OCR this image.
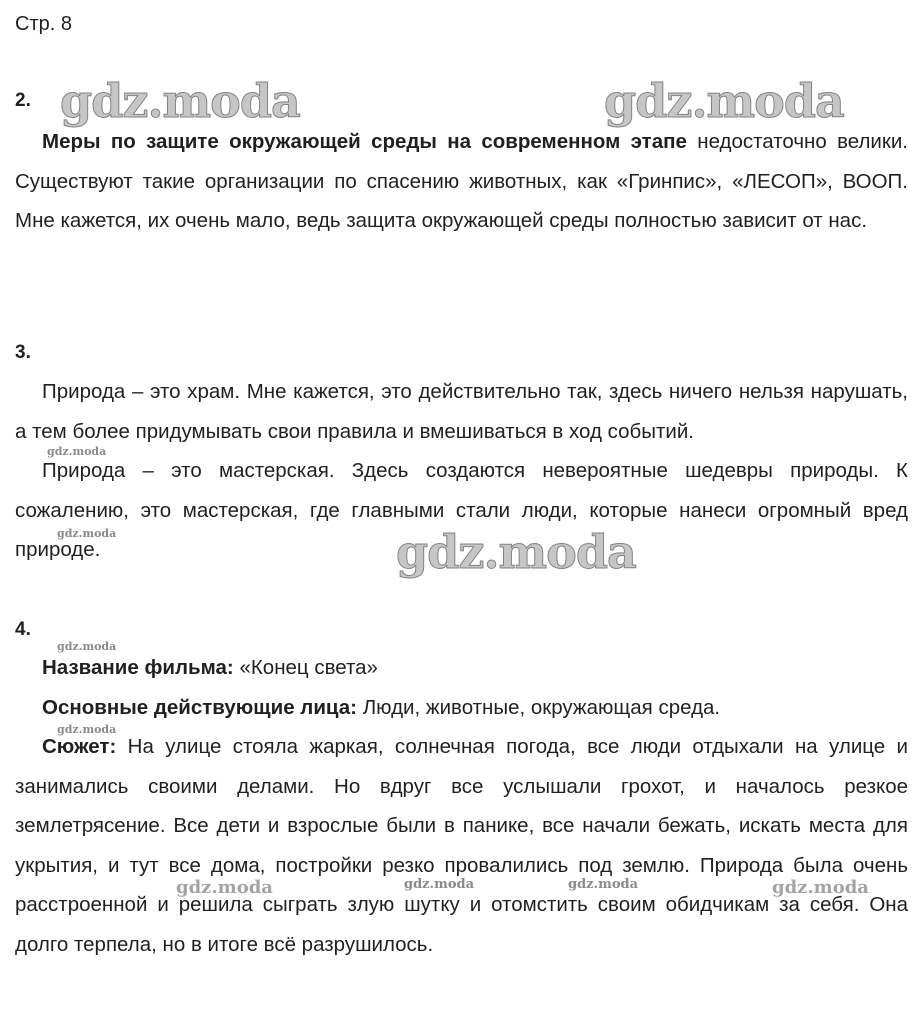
Стр. 8
2.

Меры по защите окружающей среды на современном этапе недостаточно велики. Существуют такие организации по спасению животных, как «Гринпис», «ЛЕСОП», ВООП. Мне кажется, их очень мало, ведь защита окружающей среды полностью зависит от нас.

3.

Природа – это храм. Мне кажется, это действительно так, здесь ничего нельзя нарушать, а тем более придумывать свои правила и вмешиваться в ход событий.

Природа – это мастерская. Здесь создаются невероятные шедевры природы. К сожалению, это мастерская, где главными стали люди, которые нанеси огромный вред природе.

4.
Название фильма: «Конец света»
Основные действующие лица: Люди, животные, окружающая среда.

Сюжет: На улице стояла жаркая, солнечная погода, все люди отдыхали на улице и занимались своими делами. Но вдруг все услышали грохот, и началось резкое землетрясение. Все дети и взрослые были в панике, все начали бежать, искать места для укрытия, и тут все дома, постройки резко провалились под землю. Природа была очень расстроенной и решила сыграть злую шутку и отомстить своим обидчикам за себя. Она долго терпела, но в итоге всё разрушилось.

gdz.moda	gdz.moda
gdz.moda
gdz.moda
gdz.moda
gdz.moda
gdz.moda
gdz.moda	gdz.moda	gdz.moda	gdz.moda
